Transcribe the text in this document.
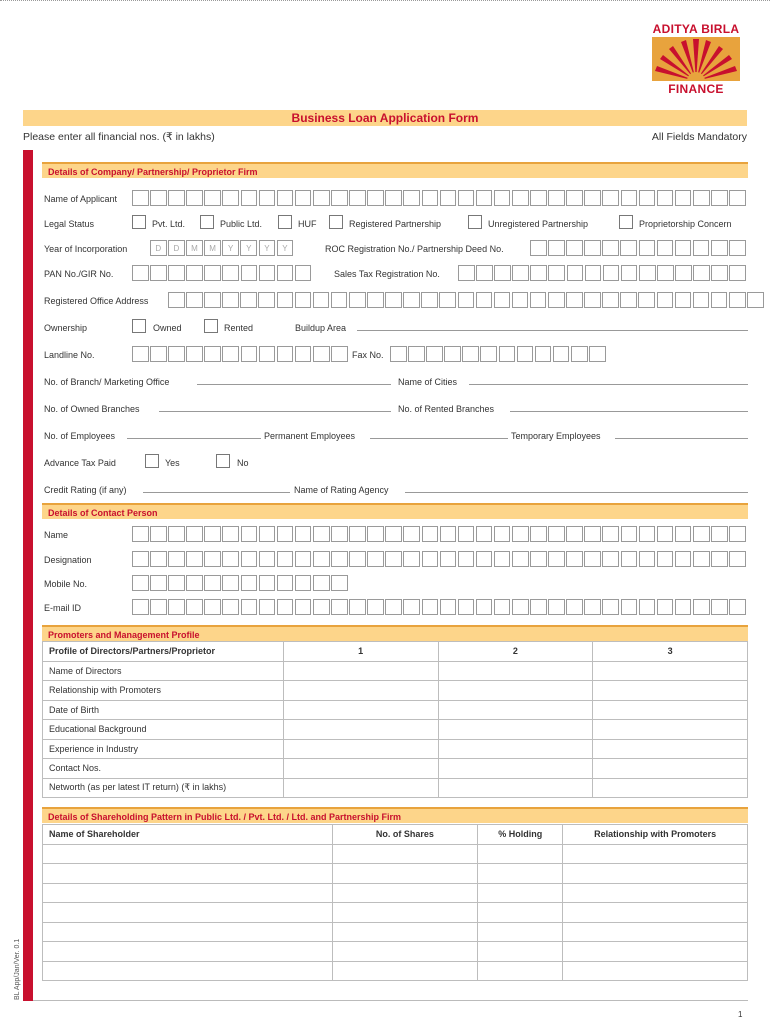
ADITYA BIRLA
FINANCE
Business Loan Application Form
Please enter all financial nos. (₹ in lakhs)	All Fields Mandatory
Details of Company/ Partnership/ Proprietor Firm
Name of Applicant
Legal Status	Pvt. Ltd.	Public Ltd.	HUF	Registered Partnership	Unregistered Partnership	Proprietorship Concern
Year of Incorporation	D	D	M	M	Y	Y	Y	Y	ROC Registration No./ Partnership Deed No.
PAN No./GIR No.	Sales Tax Registration No.
Registered Office Address
Ownership	Owned	Rented	Buildup Area
Landline No.	Fax No.
No. of Branch/ Marketing Office	Name of Cities
No. of Owned Branches	No. of Rented Branches
No. of Employees	Permanent Employees	Temporary Employees
Advance Tax Paid	Yes	No
Credit Rating (if any)	Name of Rating Agency
Details of Contact Person
Name
Designation
Mobile No.
E-mail ID
Promoters and Management Profile
Profile of Directors/Partners/Proprietor	1	2	3
Name of Directors			
Relationship with Promoters			
Date of Birth			
Educational Background			
Experience in Industry			
Contact Nos.			
Networth (as per latest IT return) (₹ in lakhs)			
Details of Shareholding Pattern in Public Ltd. / Pvt. Ltd. / Ltd. and Partnership Firm
Name of Shareholder	No. of Shares	% Holding	Relationship with Promoters

BL App/Jan/Ver. 0.1
1
